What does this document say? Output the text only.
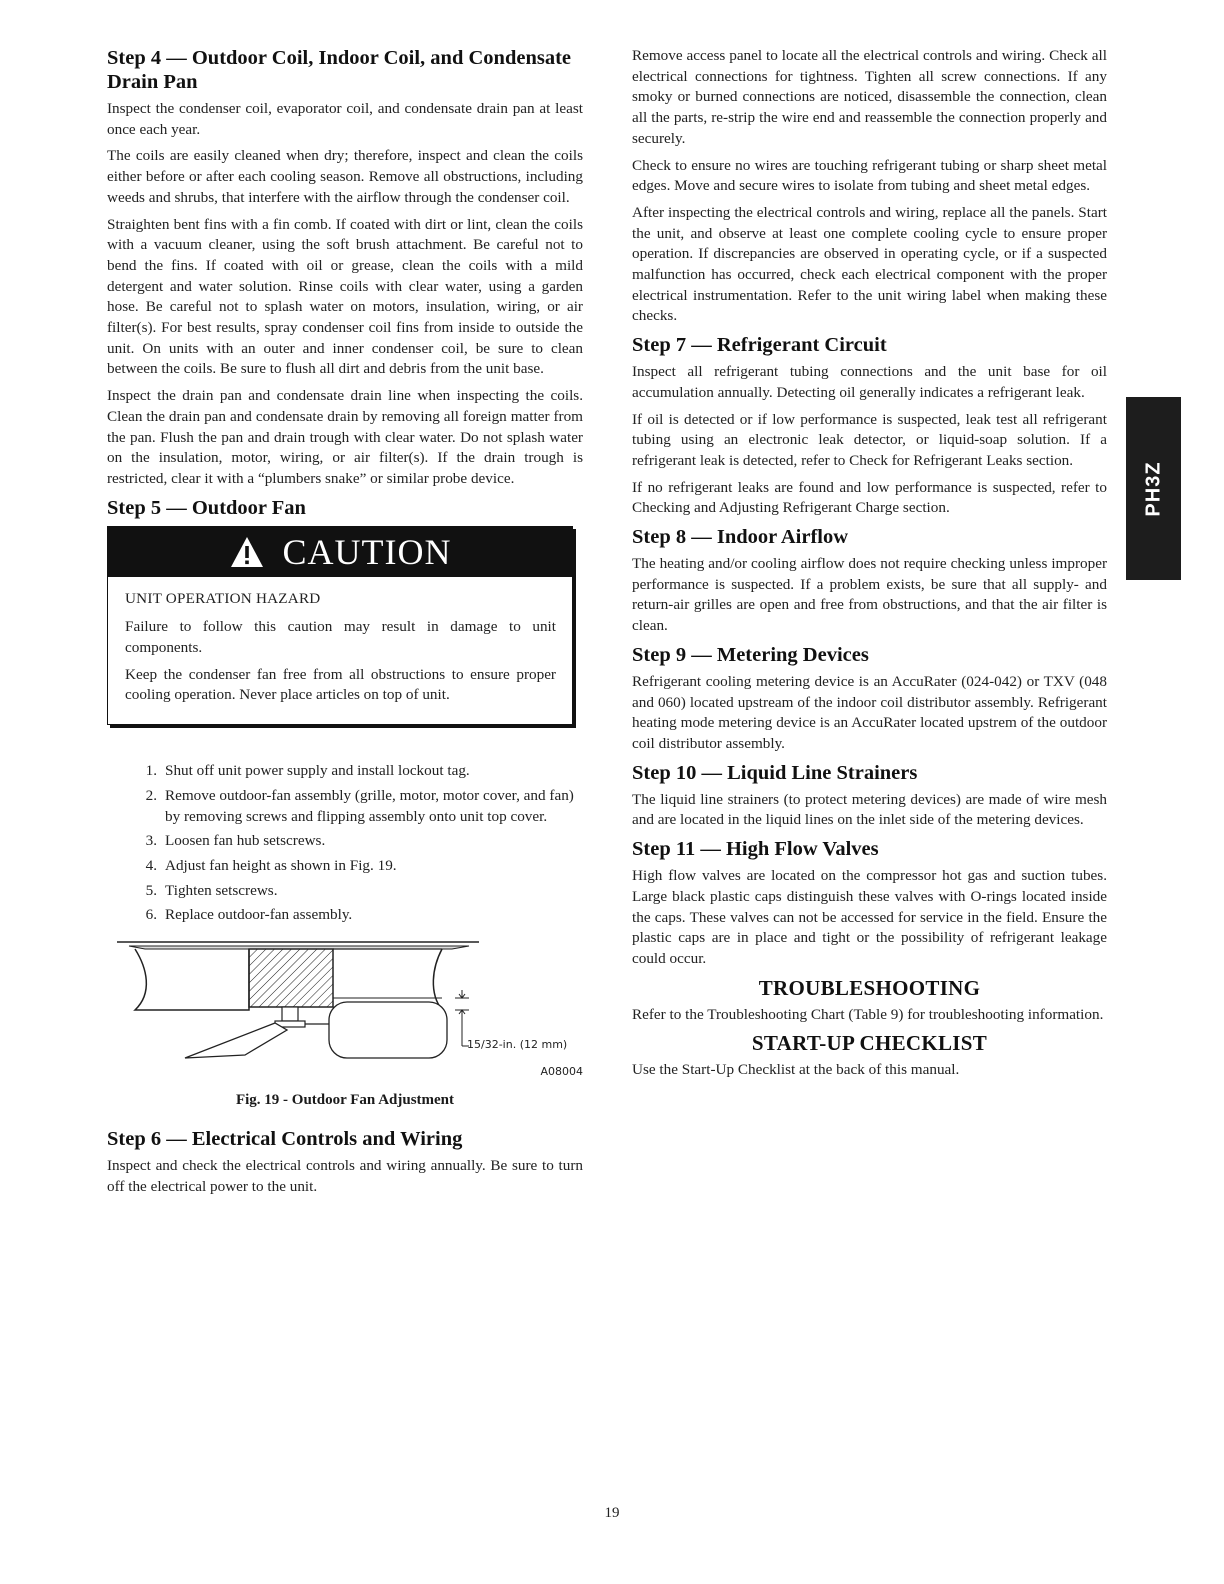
Step 4 — Outdoor Coil, Indoor Coil, and Condensate Drain Pan

Inspect the condenser coil, evaporator coil, and condensate drain pan at least once each year.

The coils are easily cleaned when dry; therefore, inspect and clean the coils either before or after each cooling season. Remove all obstructions, including weeds and shrubs, that interfere with the airflow through the condenser coil.

Straighten bent fins with a fin comb. If coated with dirt or lint, clean the coils with a vacuum cleaner, using the soft brush attachment. Be careful not to bend the fins. If coated with oil or grease, clean the coils with a mild detergent and water solution. Rinse coils with clear water, using a garden hose. Be careful not to splash water on motors, insulation, wiring, or air filter(s). For best results, spray condenser coil fins from inside to outside the unit. On units with an outer and inner condenser coil, be sure to clean between the coils. Be sure to flush all dirt and debris from the unit base.

Inspect the drain pan and condensate drain line when inspecting the coils. Clean the drain pan and condensate drain by removing all foreign matter from the pan. Flush the pan and drain trough with clear water. Do not splash water on the insulation, motor, wiring, or air filter(s). If the drain trough is restricted, clear it with a “plumbers snake” or similar probe device.

Step 5 — Outdoor Fan
CAUTION

UNIT OPERATION HAZARD

Failure to follow this caution may result in damage to unit components.

Keep the condenser fan free from all obstructions to ensure proper cooling operation. Never place articles on top of unit.

1. Shut off unit power supply and install lockout tag.
2. Remove outdoor-fan assembly (grille, motor, motor cover, and fan) by removing screws and flipping assembly onto unit top cover.
3. Loosen fan hub setscrews.
4. Adjust fan height as shown in Fig. 19.
5. Tighten setscrews.
6. Replace outdoor-fan assembly.
15/32-in. (12 mm)
A08004
Fig. 19 - Outdoor Fan Adjustment
Step 6 — Electrical Controls and Wiring

Inspect and check the electrical controls and wiring annually. Be sure to turn off the electrical power to the unit.

Remove access panel to locate all the electrical controls and wiring. Check all electrical connections for tightness. Tighten all screw connections. If any smoky or burned connections are noticed, disassemble the connection, clean all the parts, re-strip the wire end and reassemble the connection properly and securely.

Check to ensure no wires are touching refrigerant tubing or sharp sheet metal edges. Move and secure wires to isolate from tubing and sheet metal edges.

After inspecting the electrical controls and wiring, replace all the panels. Start the unit, and observe at least one complete cooling cycle to ensure proper operation. If discrepancies are observed in operating cycle, or if a suspected malfunction has occurred, check each electrical component with the proper electrical instrumentation. Refer to the unit wiring label when making these checks.

Step 7 — Refrigerant Circuit

Inspect all refrigerant tubing connections and the unit base for oil accumulation annually. Detecting oil generally indicates a refrigerant leak.

If oil is detected or if low performance is suspected, leak test all refrigerant tubing using an electronic leak detector, or liquid-soap solution. If a refrigerant leak is detected, refer to Check for Refrigerant Leaks section.

If no refrigerant leaks are found and low performance is suspected, refer to Checking and Adjusting Refrigerant Charge section.

Step 8 — Indoor Airflow

The heating and/or cooling airflow does not require checking unless improper performance is suspected. If a problem exists, be sure that all supply- and return-air grilles are open and free from obstructions, and that the air filter is clean.

Step 9 — Metering Devices

Refrigerant cooling metering device is an AccuRater (024-042) or TXV (048 and 060) located upstream of the indoor coil distributor assembly. Refrigerant heating mode metering device is an AccuRater located upstrem of the outdoor coil distributor assembly.

Step 10 — Liquid Line Strainers

The liquid line strainers (to protect metering devices) are made of wire mesh and are located in the liquid lines on the inlet side of the metering devices.

Step 11 — High Flow Valves

High flow valves are located on the compressor hot gas and suction tubes. Large black plastic caps distinguish these valves with O-rings located inside the caps. These valves can not be accessed for service in the field. Ensure the plastic caps are in place and tight or the possibility of refrigerant leakage could occur.

TROUBLESHOOTING

Refer to the Troubleshooting Chart (Table 9) for troubleshooting information.

START-UP CHECKLIST

Use the Start-Up Checklist at the back of this manual.

PH3Z
19
